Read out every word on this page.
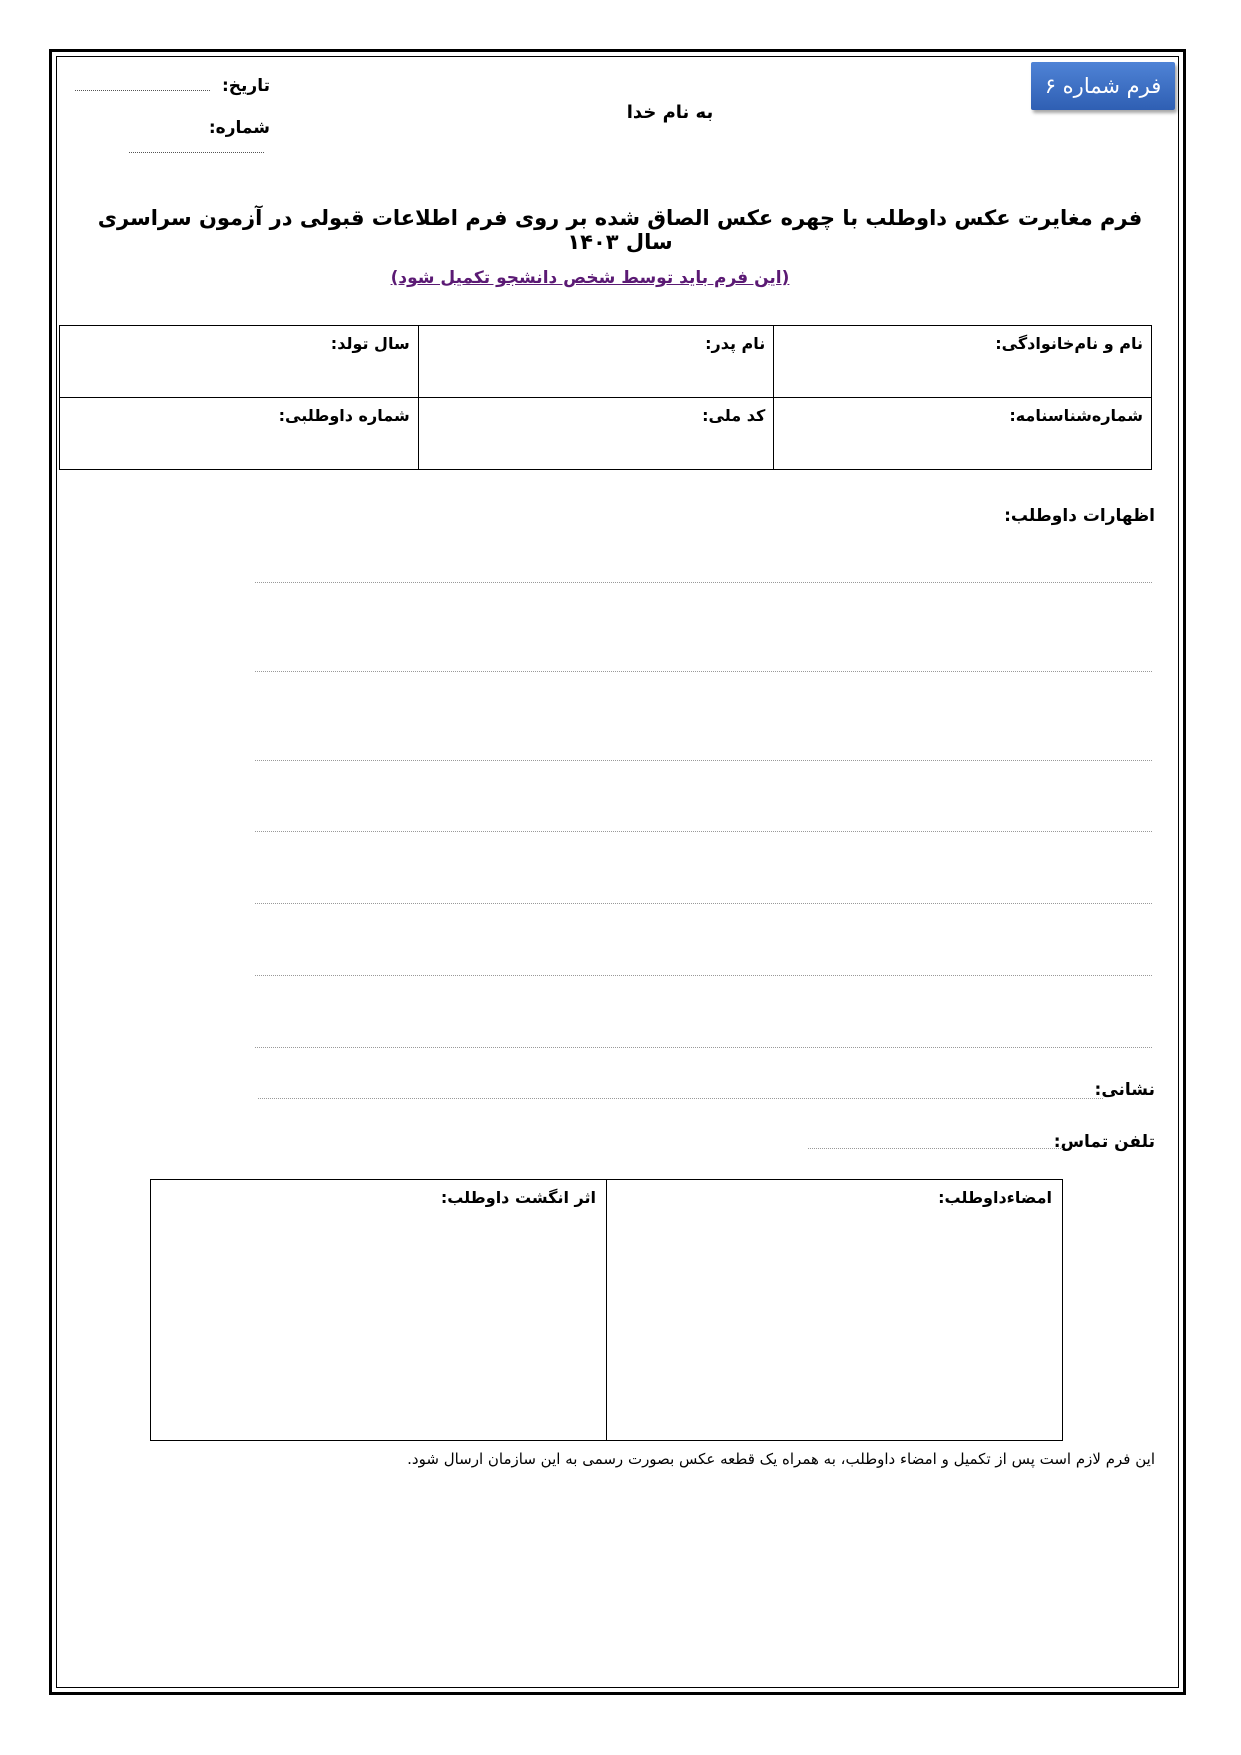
فرم شماره ۶
تاریخ:
شماره:
به نام خدا
فرم مغایرت عکس داوطلب با چهره عکس الصاق شده بر روی فرم اطلاعات قبولی در آزمون سراسری سال ۱۴۰۳
(این فرم باید توسط شخص دانشجو تکمیل شود)
نام و نام‌خانوادگی:	نام پدر:	سال تولد:
شماره‌شناسنامه:	کد ملی:	شماره داوطلبی:
اظهارات داوطلب:
نشانی:
تلفن تماس:
امضاءداوطلب:	اثر انگشت داوطلب:
این فرم لازم است پس از تکمیل و امضاء داوطلب، به همراه یک قطعه عکس بصورت رسمی به این سازمان ارسال شود.
